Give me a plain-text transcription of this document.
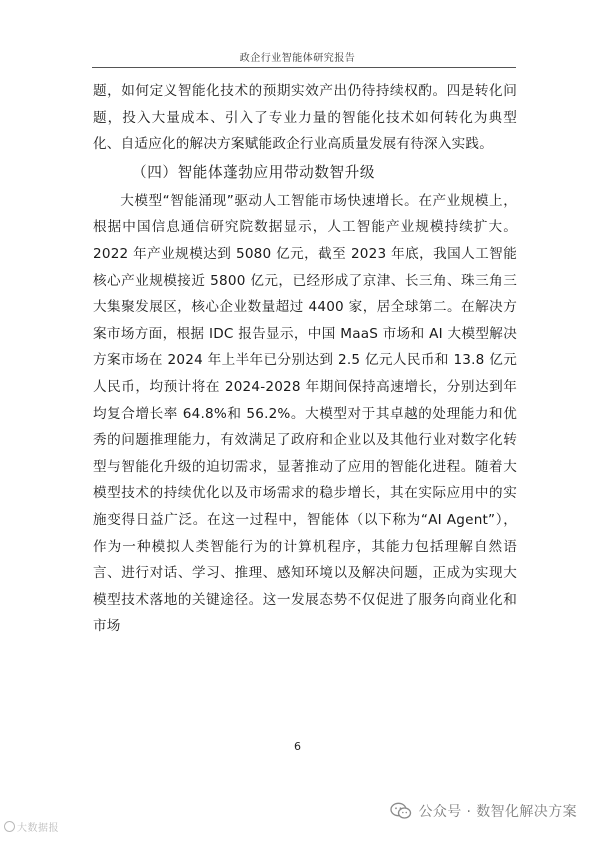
政企行业智能体研究报告

题，如何定义智能化技术的预期实效产出仍待持续权酌。四是转化问题，投入大量成本、引入了专业力量的智能化技术如何转化为典型化、自适应化的解决方案赋能政企行业高质量发展有待深入实践。

（四）智能体蓬勃应用带动数智升级

大模型“智能涌现”驱动人工智能市场快速增长。在产业规模上，根据中国信息通信研究院数据显示，人工智能产业规模持续扩大。2022 年产业规模达到 5080 亿元，截至 2023 年底，我国人工智能核心产业规模接近 5800 亿元，已经形成了京津、长三角、珠三角三大集聚发展区，核心企业数量超过 4400 家，居全球第二。在解决方案市场方面，根据 IDC 报告显示，中国 MaaS 市场和 AI 大模型解决方案市场在 2024 年上半年已分别达到 2.5 亿元人民币和 13.8 亿元人民币，均预计将在 2024-2028 年期间保持高速增长，分别达到年均复合增长率 64.8%和 56.2%。大模型对于其卓越的处理能力和优秀的问题推理能力，有效满足了政府和企业以及其他行业对数字化转型与智能化升级的迫切需求，显著推动了应用的智能化进程。随着大模型技术的持续优化以及市场需求的稳步增长，其在实际应用中的实施变得日益广泛。在这一过程中，智能体（以下称为“AI Agent”），作为一种模拟人类智能行为的计算机程序，其能力包括理解自然语言、进行对话、学习、推理、感知环境以及解决问题，正成为实现大模型技术落地的关键途径。这一发展态势不仅促进了服务向商业化和市场

6
大数据报
公众号 · 数智化解决方案
